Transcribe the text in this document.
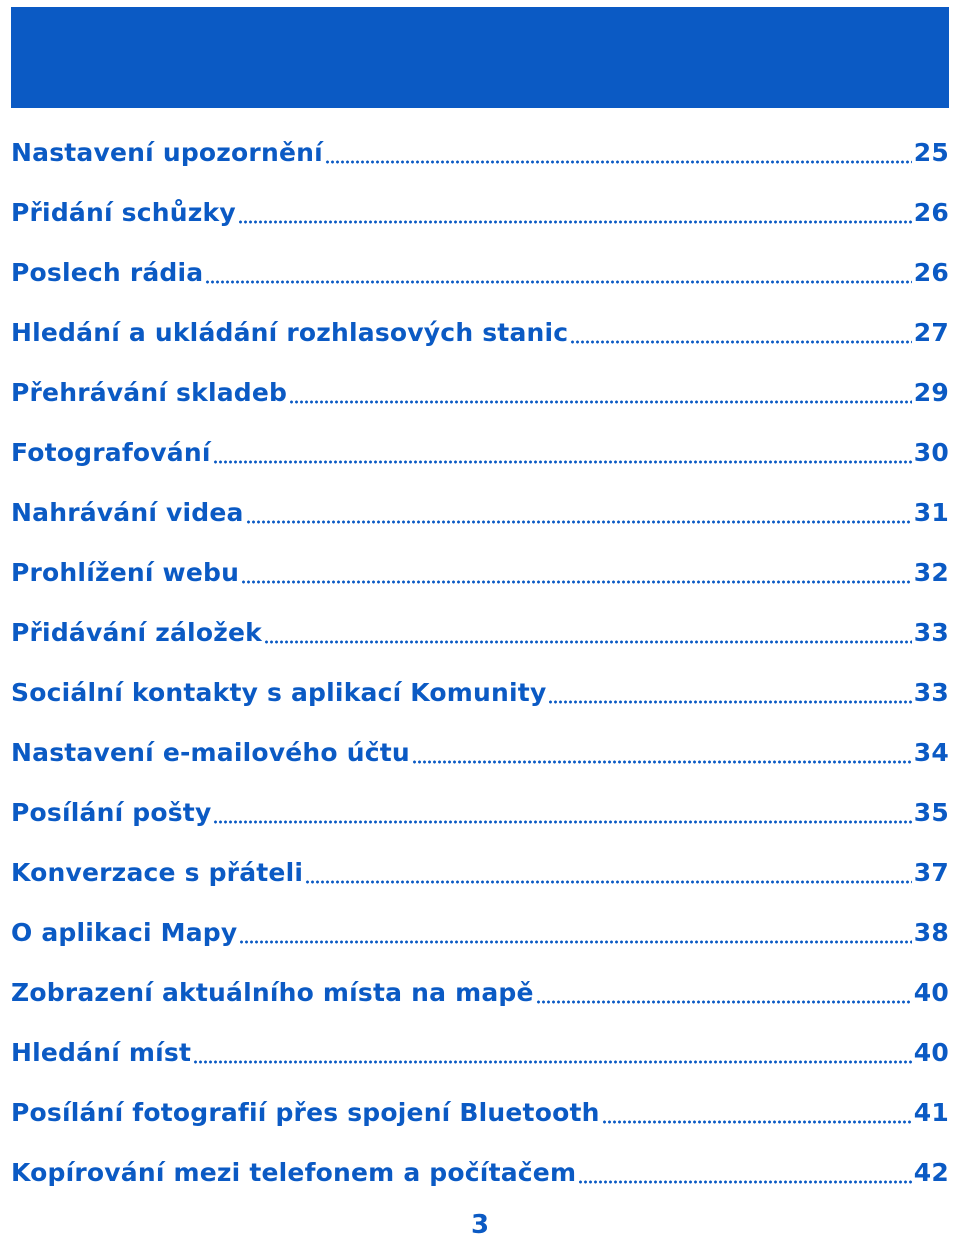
Nastavení upozornění	25
Přidání schůzky	26
Poslech rádia	26
Hledání a ukládání rozhlasových stanic	27
Přehrávání skladeb	29
Fotografování	30
Nahrávání videa	31
Prohlížení webu	32
Přidávání záložek	33
Sociální kontakty s aplikací Komunity	33
Nastavení e-mailového účtu	34
Posílání pošty	35
Konverzace s přáteli	37
O aplikaci Mapy	38
Zobrazení aktuálního místa na mapě	40
Hledání míst	40
Posílání fotografií přes spojení Bluetooth	41
Kopírování mezi telefonem a počítačem	42
3
